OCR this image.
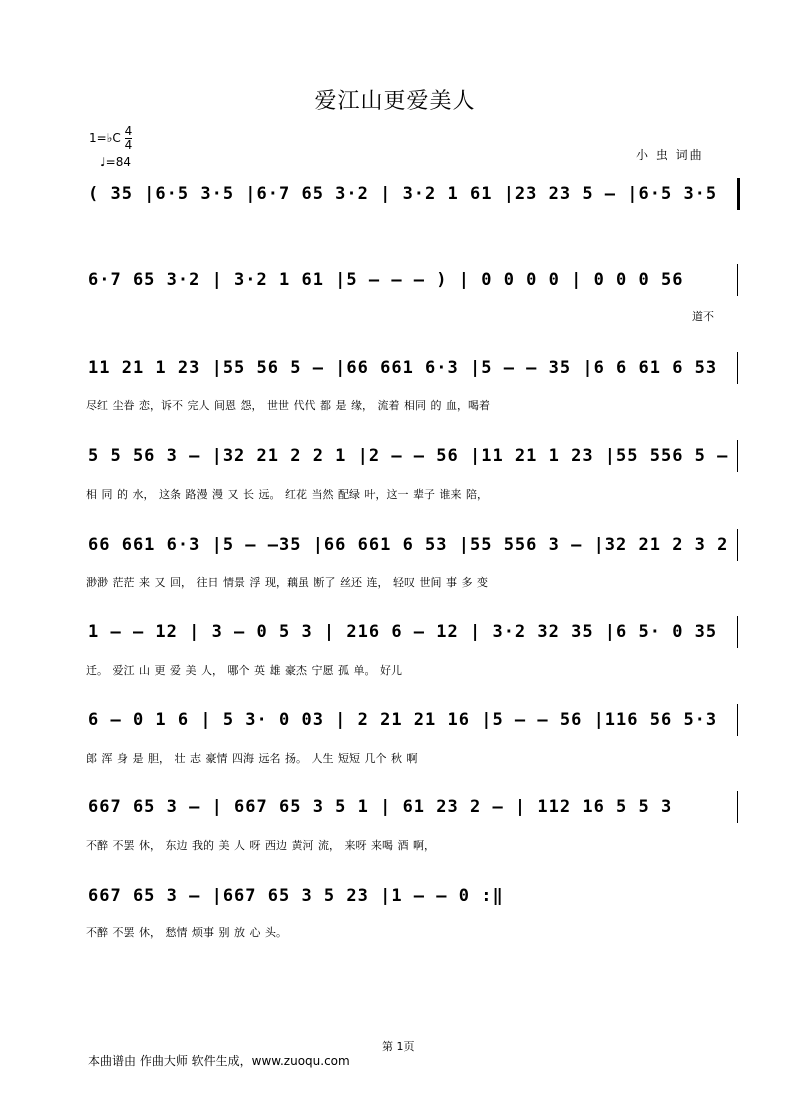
爱江山更爱美人
1=♭C $\frac{4}{4}$
♩=84	小 虫 词曲
( 35 |6·5 3·5 |6·7 65 3·2 | 3·2 1 61 |23 23 5 – |6·5 3·5
6·7 65 3·2 | 3·2 1 61 |5 – – – ) | 0 0 0 0 | 0 0 0 56
道不
11 21 1 23 |55 56 5 – |66 661 6·3 |5 – – 35 |6 6 61 6 53
尽红 尘眷 恋，诉不 完人 间恩 怨， 世世 代代 都 是 缘， 流着 相同 的 血，喝着
5 5 56 3 – |32 21 2 2 1 |2 – – 56 |11 21 1 23 |55 556 5 –
相 同 的 水， 这条 路漫 漫 又 长 远。 红花 当然 配绿 叶，这一 辈子 谁来 陪，
66 661 6·3 |5 – –35 |66 661 6 53 |55 556 3 – |32 21 2 3 2
渺渺 茫茫 来 又 回， 往日 情景 浮 现，藕虽 断了 丝还 连， 轻叹 世间 事 多 变
1 – – 12 | 3 – 0 5 3 | 216 6 – 12 | 3·2 32 35 |6 5· 0 35
迁。 爱江 山 更 爱 美 人， 哪个 英 雄 豪杰 宁愿 孤 单。 好儿
6 – 0 1 6 | 5 3· 0 03 | 2 21 21 16 |5 – – 56 |116 56 5·3
郎 浑 身 是 胆， 壮 志 豪情 四海 远名 扬。 人生 短短 几个 秋 啊
667 65 3 – | 667 65 3 5 1 | 61 23 2 – | 112 16 5 5 3
不醉 不罢 休， 东边 我的 美 人 呀 西边 黄河 流， 来呀 来喝 酒 啊，
667 65 3 – |667 65 3 5 23 |1 – – 0 :‖
不醉 不罢 休， 愁情 烦事 别 放 心 头。
第 1页
本曲谱由 作曲大师 软件生成，www.zuoqu.com
